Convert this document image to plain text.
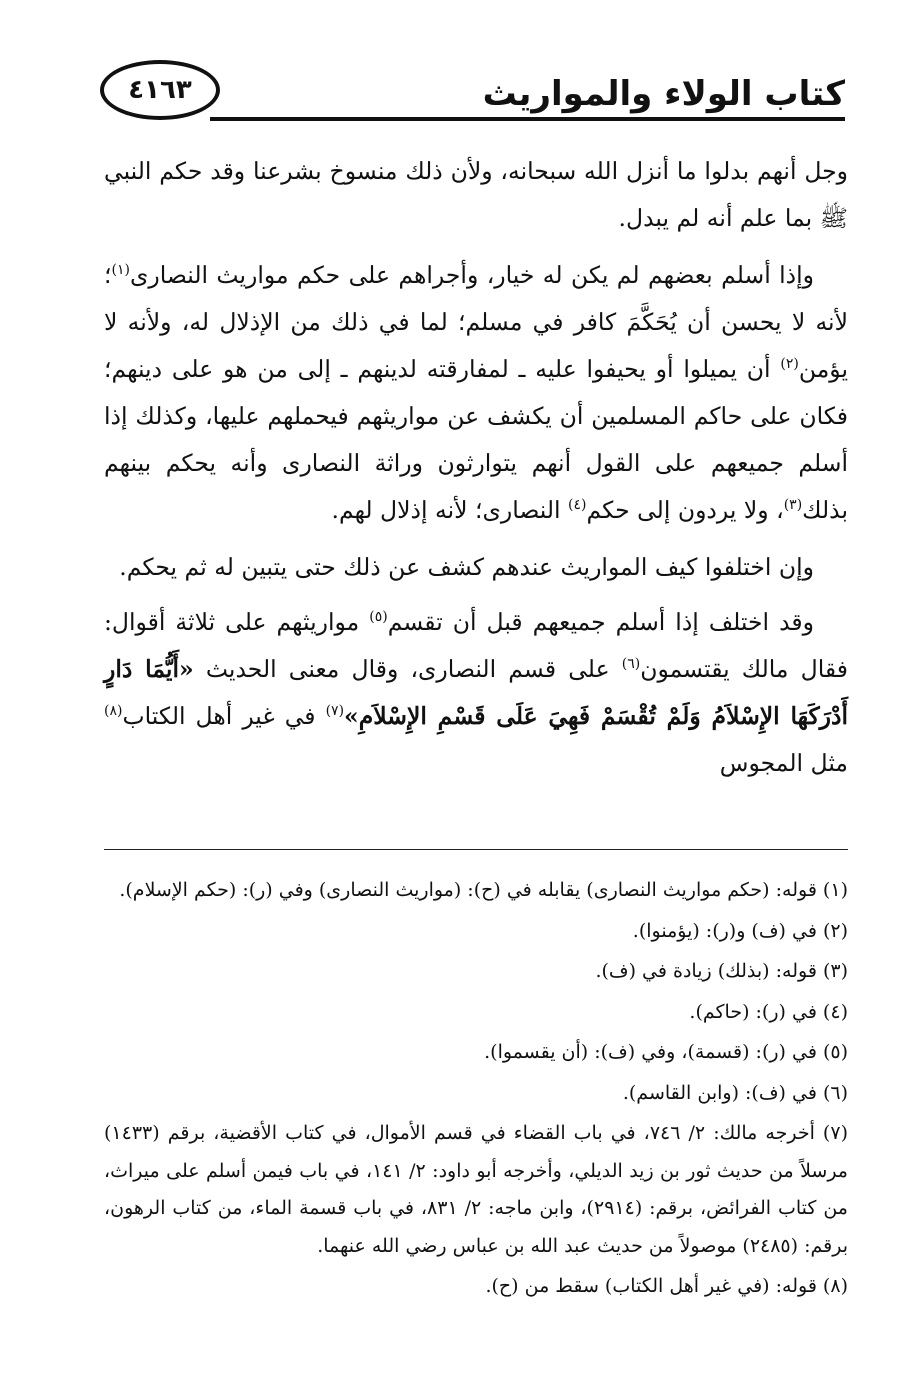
كتاب الولاء والمواريث
٤١٦٣

وجل أنهم بدلوا ما أنزل الله سبحانه، ولأن ذلك منسوخ بشرعنا وقد حكم النبي ﷺ بما علم أنه لم يبدل.

وإذا أسلم بعضهم لم يكن له خيار، وأجراهم على حكم مواريث النصارى$^{(١)}$؛ لأنه لا يحسن أن يُحَكَّمَ كافر في مسلم؛ لما في ذلك من الإذلال له، ولأنه لا يؤمن$^{(٢)}$ أن يميلوا أو يحيفوا عليه ـ لمفارقته لدينهم ـ إلى من هو على دينهم؛ فكان على حاكم المسلمين أن يكشف عن مواريثهم فيحملهم عليها، وكذلك إذا أسلم جميعهم على القول أنهم يتوارثون وراثة النصارى وأنه يحكم بينهم بذلك$^{(٣)}$، ولا يردون إلى حكم$^{(٤)}$ النصارى؛ لأنه إذلال لهم.

وإن اختلفوا كيف المواريث عندهم كشف عن ذلك حتى يتبين له ثم يحكم.

وقد اختلف إذا أسلم جميعهم قبل أن تقسم$^{(٥)}$ مواريثهم على ثلاثة أقوال: فقال مالك يقتسمون$^{(٦)}$ على قسم النصارى، وقال معنى الحديث «أَيُّمَا دَارٍ أَدْرَكَهَا الإِسْلاَمُ وَلَمْ تُقْسَمْ فَهِيَ عَلَى قَسْمِ الإِسْلاَمِ»$^{(٧)}$ في غير أهل الكتاب$^{(٨)}$ مثل المجوس

(١) قوله: (حكم مواريث النصارى) يقابله في (ح): (مواريث النصارى) وفي (ر): (حكم الإسلام).

(٢) في (ف) و(ر): (يؤمنوا).

(٣) قوله: (بذلك) زيادة في (ف).

(٤) في (ر): (حاكم).

(٥) في (ر): (قسمة)، وفي (ف): (أن يقسموا).

(٦) في (ف): (وابن القاسم).

(٧) أخرجه مالك: ٢/ ٧٤٦، في باب القضاء في قسم الأموال، في كتاب الأقضية، برقم (١٤٣٣) مرسلاً من حديث ثور بن زيد الديلي، وأخرجه أبو داود: ٢/ ١٤١، في باب فيمن أسلم على ميراث، من كتاب الفرائض، برقم: (٢٩١٤)، وابن ماجه: ٢/ ٨٣١، في باب قسمة الماء، من كتاب الرهون، برقم: (٢٤٨٥) موصولاً من حديث عبد الله بن عباس رضي الله عنهما.

(٨) قوله: (في غير أهل الكتاب) سقط من (ح).
